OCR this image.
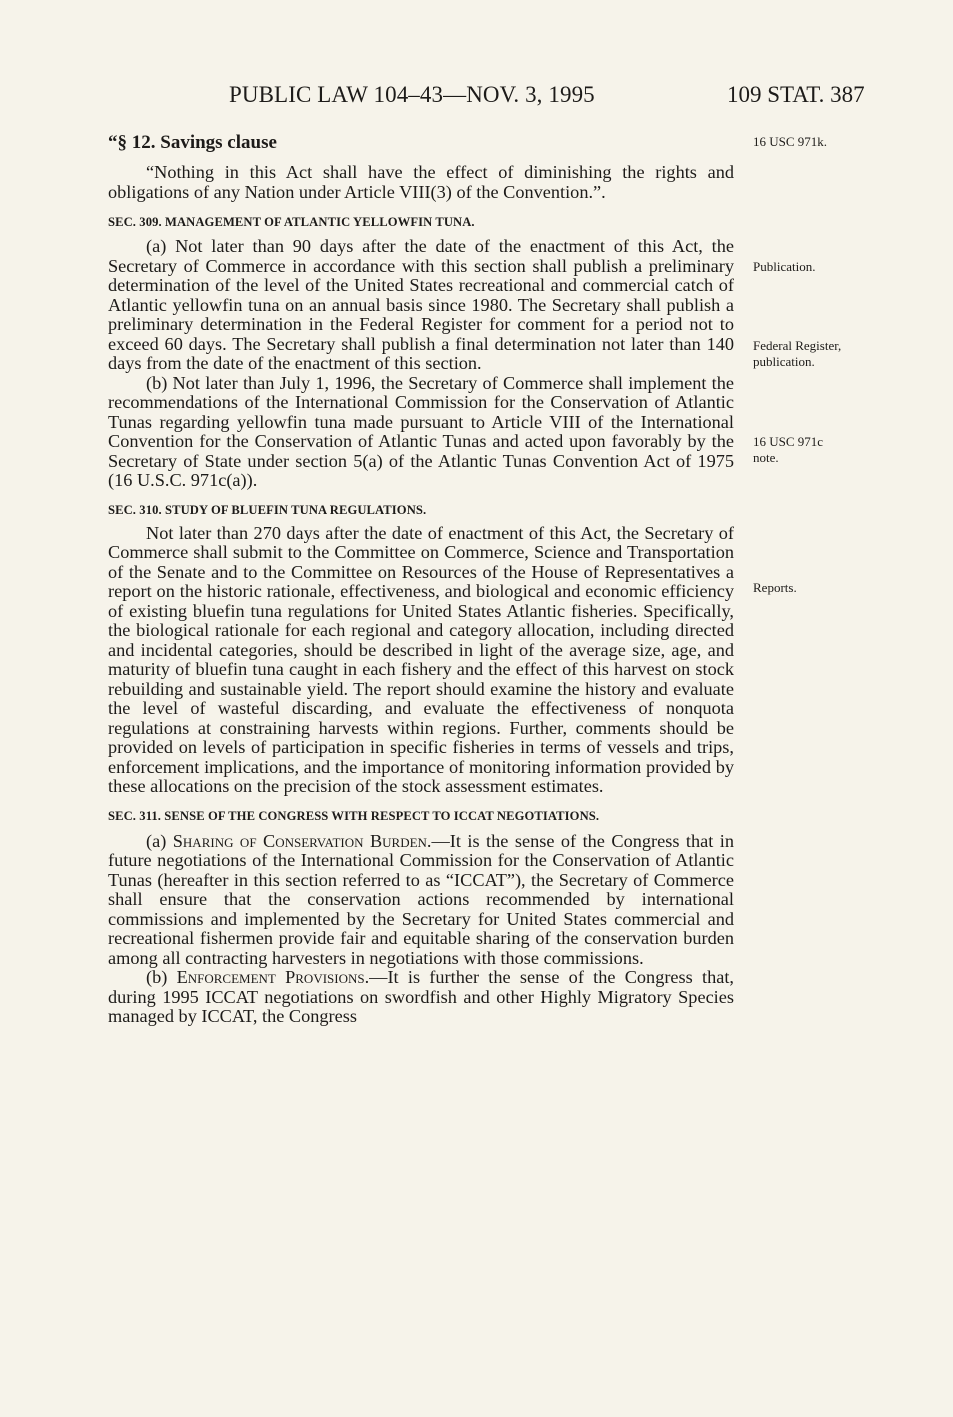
PUBLIC LAW 104–43—NOV. 3, 1995	109 STAT. 387
16 USC 971k.
Publication.
Federal Register,
publication.
16 USC 971c
note.
Reports.
“§ 12. Savings clause

“Nothing in this Act shall have the effect of diminishing the rights and obligations of any Nation under Article VIII(3) of the Convention.”.

SEC. 309. MANAGEMENT OF ATLANTIC YELLOWFIN TUNA.

(a) Not later than 90 days after the date of the enactment of this Act, the Secretary of Commerce in accordance with this section shall publish a preliminary determination of the level of the United States recreational and commercial catch of Atlantic yellowfin tuna on an annual basis since 1980. The Secretary shall publish a preliminary determination in the Federal Register for comment for a period not to exceed 60 days. The Secretary shall publish a final determination not later than 140 days from the date of the enactment of this section.

(b) Not later than July 1, 1996, the Secretary of Commerce shall implement the recommendations of the International Commission for the Conservation of Atlantic Tunas regarding yellowfin tuna made pursuant to Article VIII of the International Convention for the Conservation of Atlantic Tunas and acted upon favorably by the Secretary of State under section 5(a) of the Atlantic Tunas Convention Act of 1975 (16 U.S.C. 971c(a)).

SEC. 310. STUDY OF BLUEFIN TUNA REGULATIONS.

Not later than 270 days after the date of enactment of this Act, the Secretary of Commerce shall submit to the Committee on Commerce, Science and Transportation of the Senate and to the Committee on Resources of the House of Representatives a report on the historic rationale, effectiveness, and biological and economic efficiency of existing bluefin tuna regulations for United States Atlantic fisheries. Specifically, the biological rationale for each regional and category allocation, including directed and incidental categories, should be described in light of the average size, age, and maturity of bluefin tuna caught in each fishery and the effect of this harvest on stock rebuilding and sustainable yield. The report should examine the history and evaluate the level of wasteful discarding, and evaluate the effectiveness of nonquota regulations at constraining harvests within regions. Further, comments should be provided on levels of participation in specific fisheries in terms of vessels and trips, enforcement implications, and the importance of monitoring information provided by these allocations on the precision of the stock assessment estimates.

SEC. 311. SENSE OF THE CONGRESS WITH RESPECT TO ICCAT NEGOTIATIONS.

(a) Sharing of Conservation Burden.—It is the sense of the Congress that in future negotiations of the International Commission for the Conservation of Atlantic Tunas (hereafter in this section referred to as “ICCAT”), the Secretary of Commerce shall ensure that the conservation actions recommended by international commissions and implemented by the Secretary for United States commercial and recreational fishermen provide fair and equitable sharing of the conservation burden among all contracting harvesters in negotiations with those commissions.

(b) Enforcement Provisions.—It is further the sense of the Congress that, during 1995 ICCAT negotiations on swordfish and other Highly Migratory Species managed by ICCAT, the Congress
